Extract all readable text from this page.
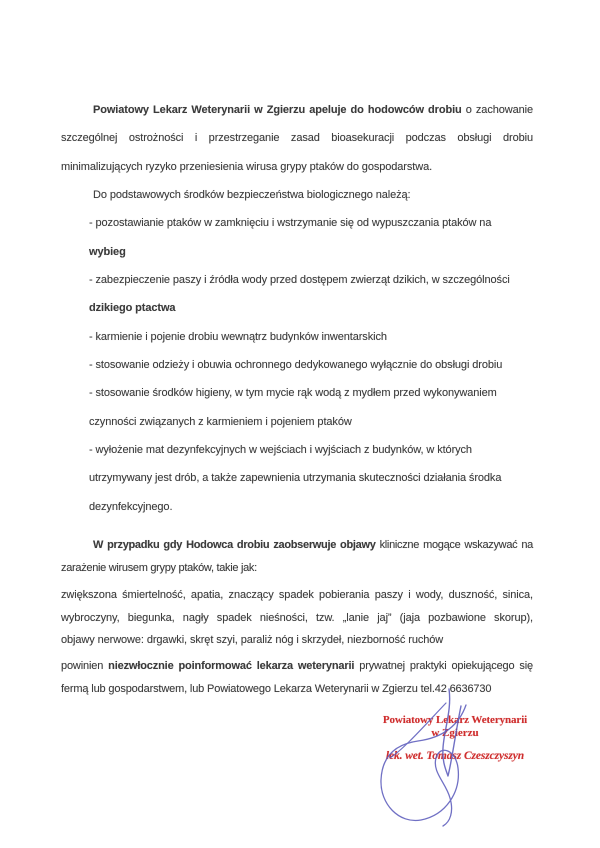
Powiatowy Lekarz Weterynarii w Zgierzu apeluje do hodowców drobiu o zachowanie
szczególnej ostrożności i przestrzeganie zasad bioasekuracji podczas obsługi drobiu
minimalizujących ryzyko przeniesienia wirusa grypy ptaków do gospodarstwa.
Do podstawowych środków bezpieczeństwa biologicznego należą:
- pozostawianie ptaków w zamknięciu i wstrzymanie się od wypuszczania ptaków na
wybieg
- zabezpieczenie paszy i źródła wody przed dostępem zwierząt dzikich, w szczególności
dzikiego ptactwa
- karmienie i pojenie drobiu wewnątrz budynków inwentarskich
- stosowanie odzieży i obuwia ochronnego dedykowanego wyłącznie do obsługi drobiu
- stosowanie środków higieny, w tym mycie rąk wodą z mydłem przed wykonywaniem
czynności związanych z karmieniem i pojeniem ptaków
- wyłożenie mat dezynfekcyjnych w wejściach i wyjściach z budynków, w których
utrzymywany jest drób, a także zapewnienia utrzymania skuteczności działania środka
dezynfekcyjnego.
W przypadku gdy Hodowca drobiu zaobserwuje objawy kliniczne mogące wskazywać na
zarażenie wirusem grypy ptaków, takie jak:
zwiększona śmiertelność, apatia, znaczący spadek pobierania paszy i wody, duszność, sinica,
wybroczyny, biegunka, nagły spadek nieśności, tzw. „lanie jaj” (jaja pozbawione skorup),
objawy nerwowe: drgawki, skręt szyi, paraliż nóg i skrzydeł, niezborność ruchów
powinien niezwłocznie poinformować lekarza weterynarii prywatnej praktyki opiekującego się
fermą lub gospodarstwem, lub Powiatowego Lekarza Weterynarii w Zgierzu tel.42 6636730
Powiatowy Lekarz Weterynarii
w Zgierzu
lek. wet. Tomasz Czeszczyszyn
